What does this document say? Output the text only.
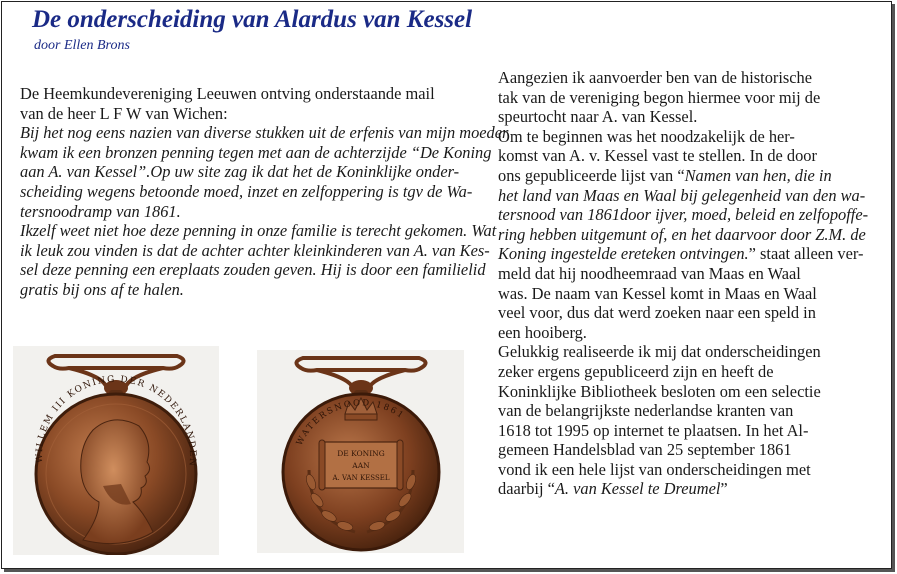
De onderscheiding van Alardus van Kessel
door Ellen Brons
De Heemkundevereniging Leeuwen ontving onderstaande mail
van de heer L F W van Wichen:
Bij het nog eens nazien van diverse stukken uit de erfenis van mijn moeder
kwam ik een bronzen penning tegen met aan de achterzijde “De Koning
aan A. van Kessel”.Op uw site zag ik dat het de Koninklijke onder-
scheiding wegens betoonde moed, inzet en zelfoppering is tgv de Wa-
tersnoodramp van 1861.
Ikzelf weet niet hoe deze penning in onze familie is terecht gekomen. Wat
ik leuk zou vinden is dat de achter achter kleinkinderen van A. van Kes-
sel deze penning een ereplaats zouden geven. Hij is door een familielid
gratis bij ons af te halen.
Aangezien ik aanvoerder ben van de historische
tak van de vereniging begon hiermee voor mij de
speurtocht naar A. van Kessel.
Om te beginnen was het noodzakelijk de her-
komst van A. v. Kessel vast te stellen. In de door
ons gepubliceerde lijst van “Namen van hen, die in
het land van Maas en Waal bij gelegenheid van den wa-
tersnood van 1861door ijver, moed, beleid en zelfopoffe-
ring hebben uitgemunt of, en het daarvoor door Z.M. de
Koning ingestelde ereteken ontvingen.” staat alleen ver-
meld dat hij noodheemraad van Maas en Waal
was. De naam van Kessel komt in Maas en Waal
veel voor, dus dat werd zoeken naar een speld in
een hooiberg.
Gelukkig realiseerde ik mij dat onderscheidingen
zeker ergens gepubliceerd zijn en heeft de
Koninklijke Bibliotheek besloten om een selectie
van de belangrijkste nederlandse kranten van
1618 tot 1995 op internet te plaatsen. In het Al-
gemeen Handelsblad van 25 september 1861
vond ik een hele lijst van onderscheidingen met
daarbij “A. van Kessel te Dreumel”
WILLEM III KONING DER NEDERLANDEN
DE KONING
AAN
A. VAN KESSEL
WATERSNOOD 1861
